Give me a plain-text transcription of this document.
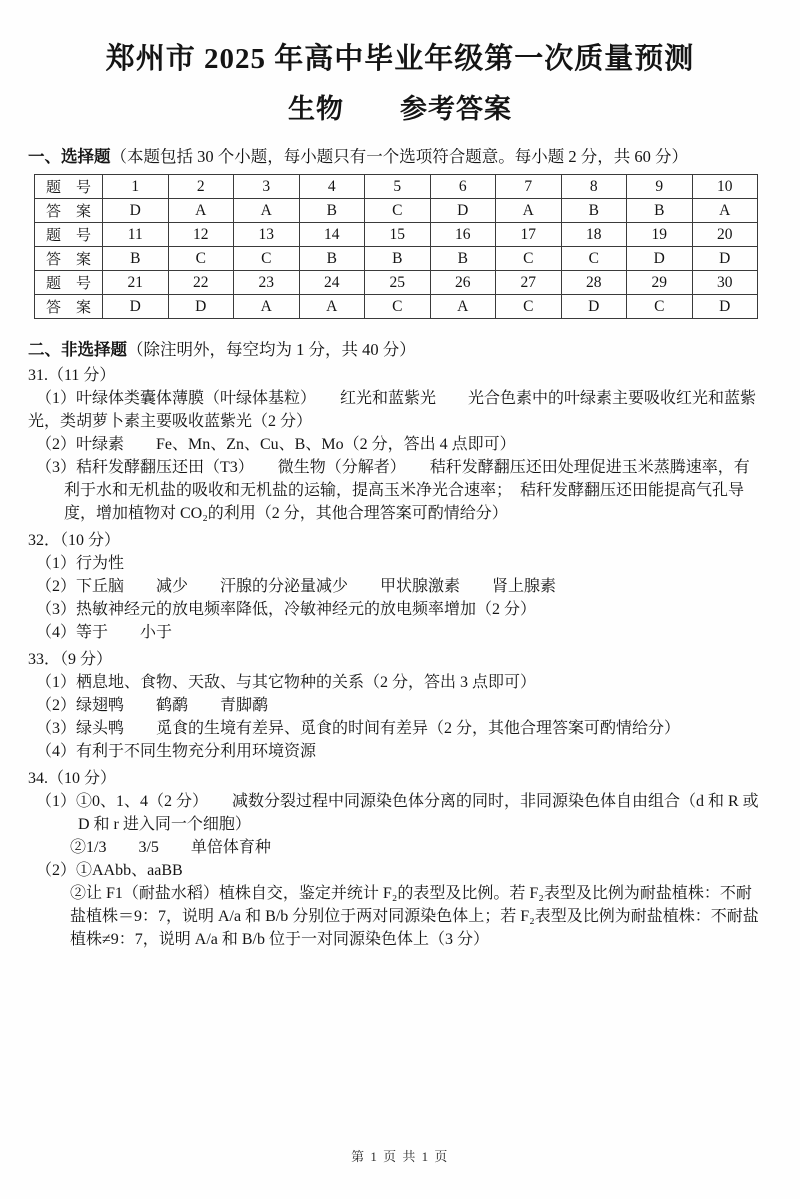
郑州市 2025 年高中毕业年级第一次质量预测
生物　　参考答案

一、选择题（本题包括 30 个小题，每小题只有一个选项符合题意。每小题 2 分，共 60 分）

题　号	1	2	3	4	5	6	7	8	9	10
答　案	D	A	A	B	C	D	A	B	B	A
题　号	11	12	13	14	15	16	17	18	19	20
答　案	B	C	C	B	B	B	C	C	D	D
题　号	21	22	23	24	25	26	27	28	29	30
答　案	D	D	A	A	C	A	C	D	C	D

二、非选择题（除注明外，每空均为 1 分，共 40 分）

31.（11 分）
（1）叶绿体类囊体薄膜（叶绿体基粒）　　红光和蓝紫光　　光合色素中的叶绿素主要吸收红光和蓝紫
光，类胡萝卜素主要吸收蓝紫光（2 分）
（2）叶绿素　　Fe、Mn、Zn、Cu、B、Mo（2 分，答出 4 点即可）
（3）秸秆发酵翻压还田（T3）　　微生物（分解者）　　秸秆发酵翻压还田处理促进玉米蒸腾速率，有
利于水和无机盐的吸收和无机盐的运输，提高玉米净光合速率；　秸秆发酵翻压还田能提高气孔导
度，增加植物对 CO₂的利用（2 分，其他合理答案可酌情给分）
32．（10 分）
（1）行为性
（2）下丘脑　　减少　　汗腺的分泌量减少　　甲状腺激素　　肾上腺素
（3）热敏神经元的放电频率降低，冷敏神经元的放电频率增加（2 分）
（4）等于　　小于
33．（9 分）
（1）栖息地、食物、天敌、与其它物种的关系（2 分，答出 3 点即可）
（2）绿翅鸭　　鹤鹬　　青脚鹬
（3）绿头鸭　　觅食的生境有差异、觅食的时间有差异（2 分，其他合理答案可酌情给分）
（4）有利于不同生物充分利用环境资源
34.（10 分）
（1）①0、1、4（2 分）　　减数分裂过程中同源染色体分离的同时，非同源染色体自由组合（d 和 R 或
D 和 r 进入同一个细胞）
②1/3　　3/5　　单倍体育种
（2）①AAbb、aaBB
②让 F1（耐盐水稻）植株自交，鉴定并统计 F₂的表型及比例。若 F₂表型及比例为耐盐植株：不耐
盐植株＝9：7，说明 A/a 和 B/b 分别位于两对同源染色体上；若 F₂表型及比例为耐盐植株：不耐盐
植株≠9：7，说明 A/a 和 B/b 位于一对同源染色体上（3 分）
第 1 页 共 1 页
